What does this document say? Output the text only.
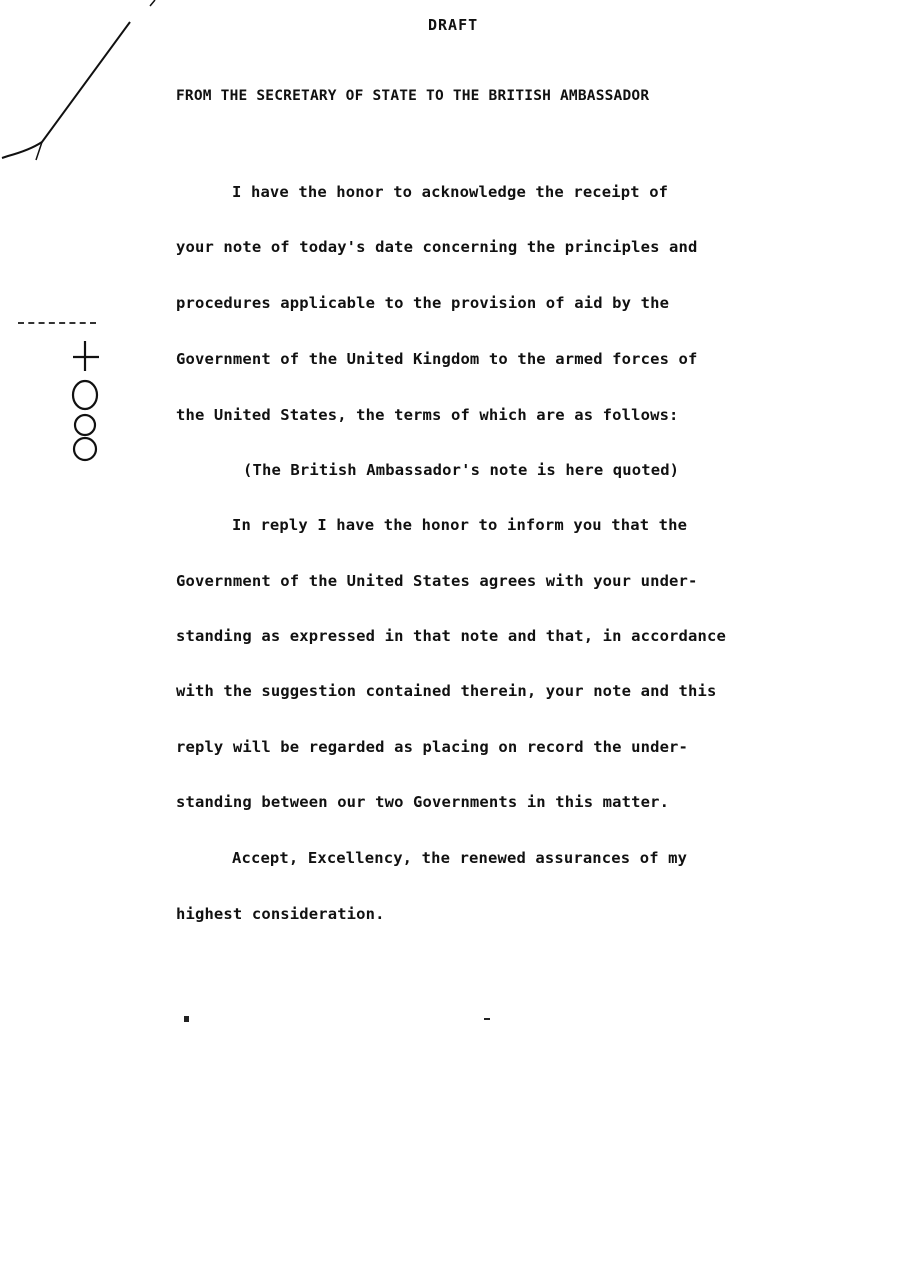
DRAFT
FROM THE SECRETARY OF STATE TO THE BRITISH AMBASSADOR
I have the honor to acknowledge the receipt of
your note of today's date concerning the principles and
procedures applicable to the provision of aid by the
Government of the United Kingdom to the armed forces of
the United States, the terms of which are as follows:
(The British Ambassador's note is here quoted)
In reply I have the honor to inform you that the
Government of the United States agrees with your under-
standing as expressed in that note and that, in accordance
with the suggestion contained therein, your note and this
reply will be regarded as placing on record the under-
standing between our two Governments in this matter.
Accept, Excellency, the renewed assurances of my
highest consideration.
